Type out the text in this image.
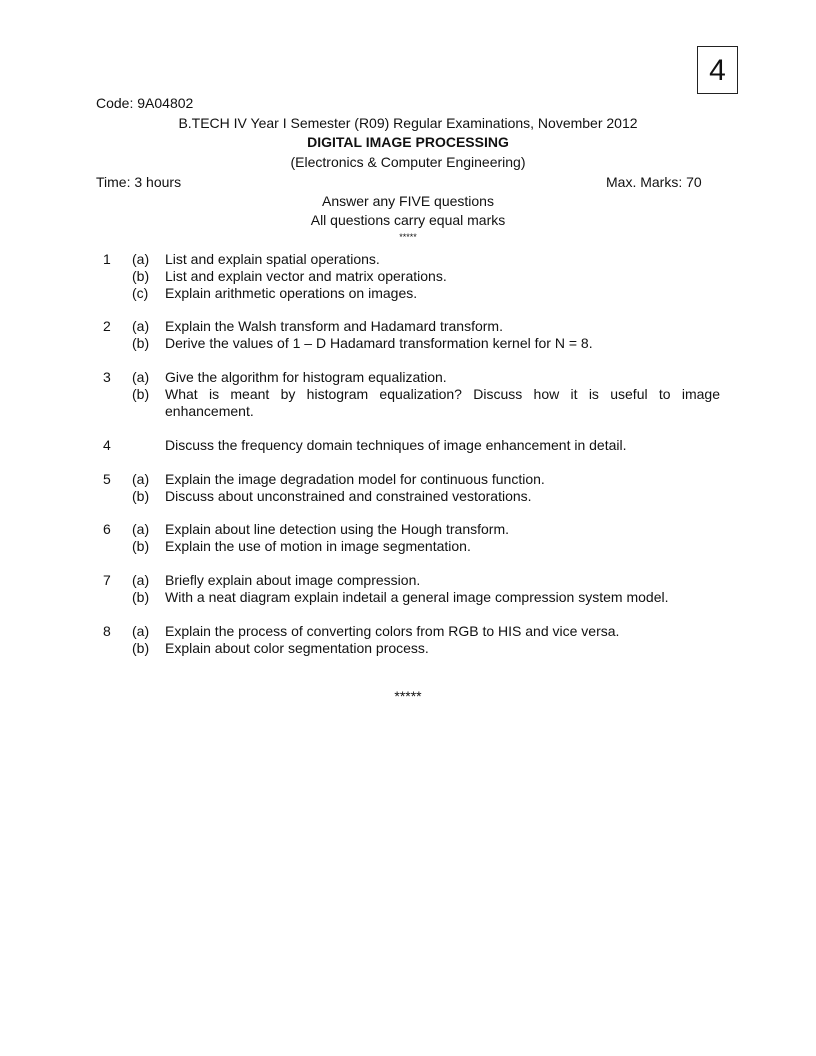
4
Code: 9A04802
B.TECH IV Year I Semester (R09) Regular Examinations, November 2012
DIGITAL IMAGE PROCESSING
(Electronics & Computer Engineering)
Time: 3 hours	Max. Marks: 70
Answer any FIVE questions
All questions carry equal marks
*****
1 (a) List and explain spatial operations.
(b) List and explain vector and matrix operations.
(c) Explain arithmetic operations on images.
2 (a) Explain the Walsh transform and Hadamard transform.
(b) Derive the values of 1 – D Hadamard transformation kernel for N = 8.
3 (a) Give the algorithm for histogram equalization.
(b) What is meant by histogram equalization? Discuss how it is useful to image enhancement.
4	Discuss the frequency domain techniques of image enhancement in detail.
5 (a) Explain the image degradation model for continuous function.
(b) Discuss about unconstrained and constrained vestorations.
6 (a) Explain about line detection using the Hough transform.
(b) Explain the use of motion in image segmentation.
7 (a) Briefly explain about image compression.
(b) With a neat diagram explain indetail a general image compression system model.
8 (a) Explain the process of converting colors from RGB to HIS and vice versa.
(b) Explain about color segmentation process.
*****
